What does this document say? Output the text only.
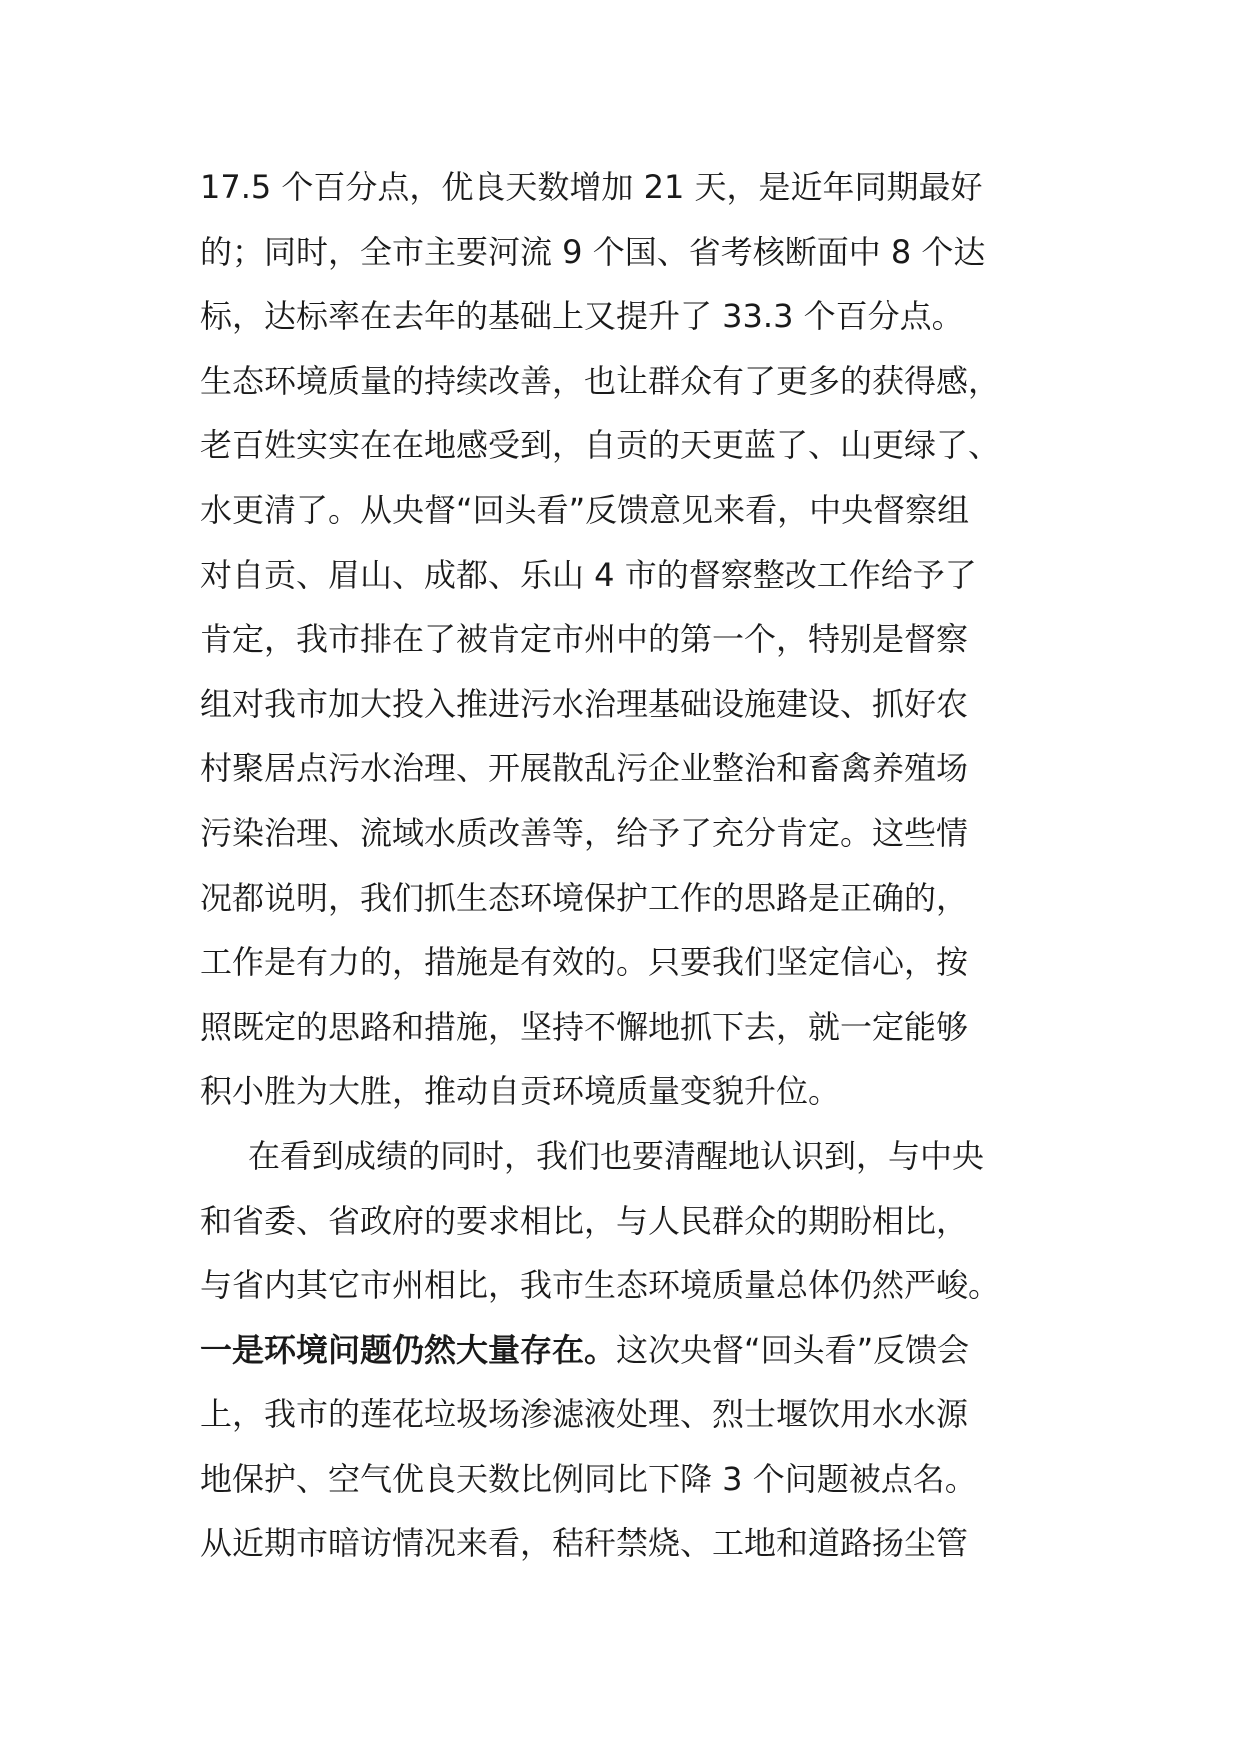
17.5 个百分点，优良天数增加 21 天，是近年同期最好
的；同时，全市主要河流 9 个国、省考核断面中 8 个达
标，达标率在去年的基础上又提升了 33.3 个百分点。
生态环境质量的持续改善，也让群众有了更多的获得感，
老百姓实实在在地感受到，自贡的天更蓝了、山更绿了、
水更清了。从央督“回头看”反馈意见来看，中央督察组
对自贡、眉山、成都、乐山 4 市的督察整改工作给予了
肯定，我市排在了被肯定市州中的第一个，特别是督察
组对我市加大投入推进污水治理基础设施建设、抓好农
村聚居点污水治理、开展散乱污企业整治和畜禽养殖场
污染治理、流域水质改善等，给予了充分肯定。这些情
况都说明，我们抓生态环境保护工作的思路是正确的，
工作是有力的，措施是有效的。只要我们坚定信心，按
照既定的思路和措施，坚持不懈地抓下去，就一定能够
积小胜为大胜，推动自贡环境质量变貌升位。
在看到成绩的同时，我们也要清醒地认识到，与中央
和省委、省政府的要求相比，与人民群众的期盼相比，
与省内其它市州相比，我市生态环境质量总体仍然严峻。
一是环境问题仍然大量存在。这次央督“回头看”反馈会
上，我市的莲花垃圾场渗滤液处理、烈士堰饮用水水源
地保护、空气优良天数比例同比下降 3 个问题被点名。
从近期市暗访情况来看，秸秆禁烧、工地和道路扬尘管
